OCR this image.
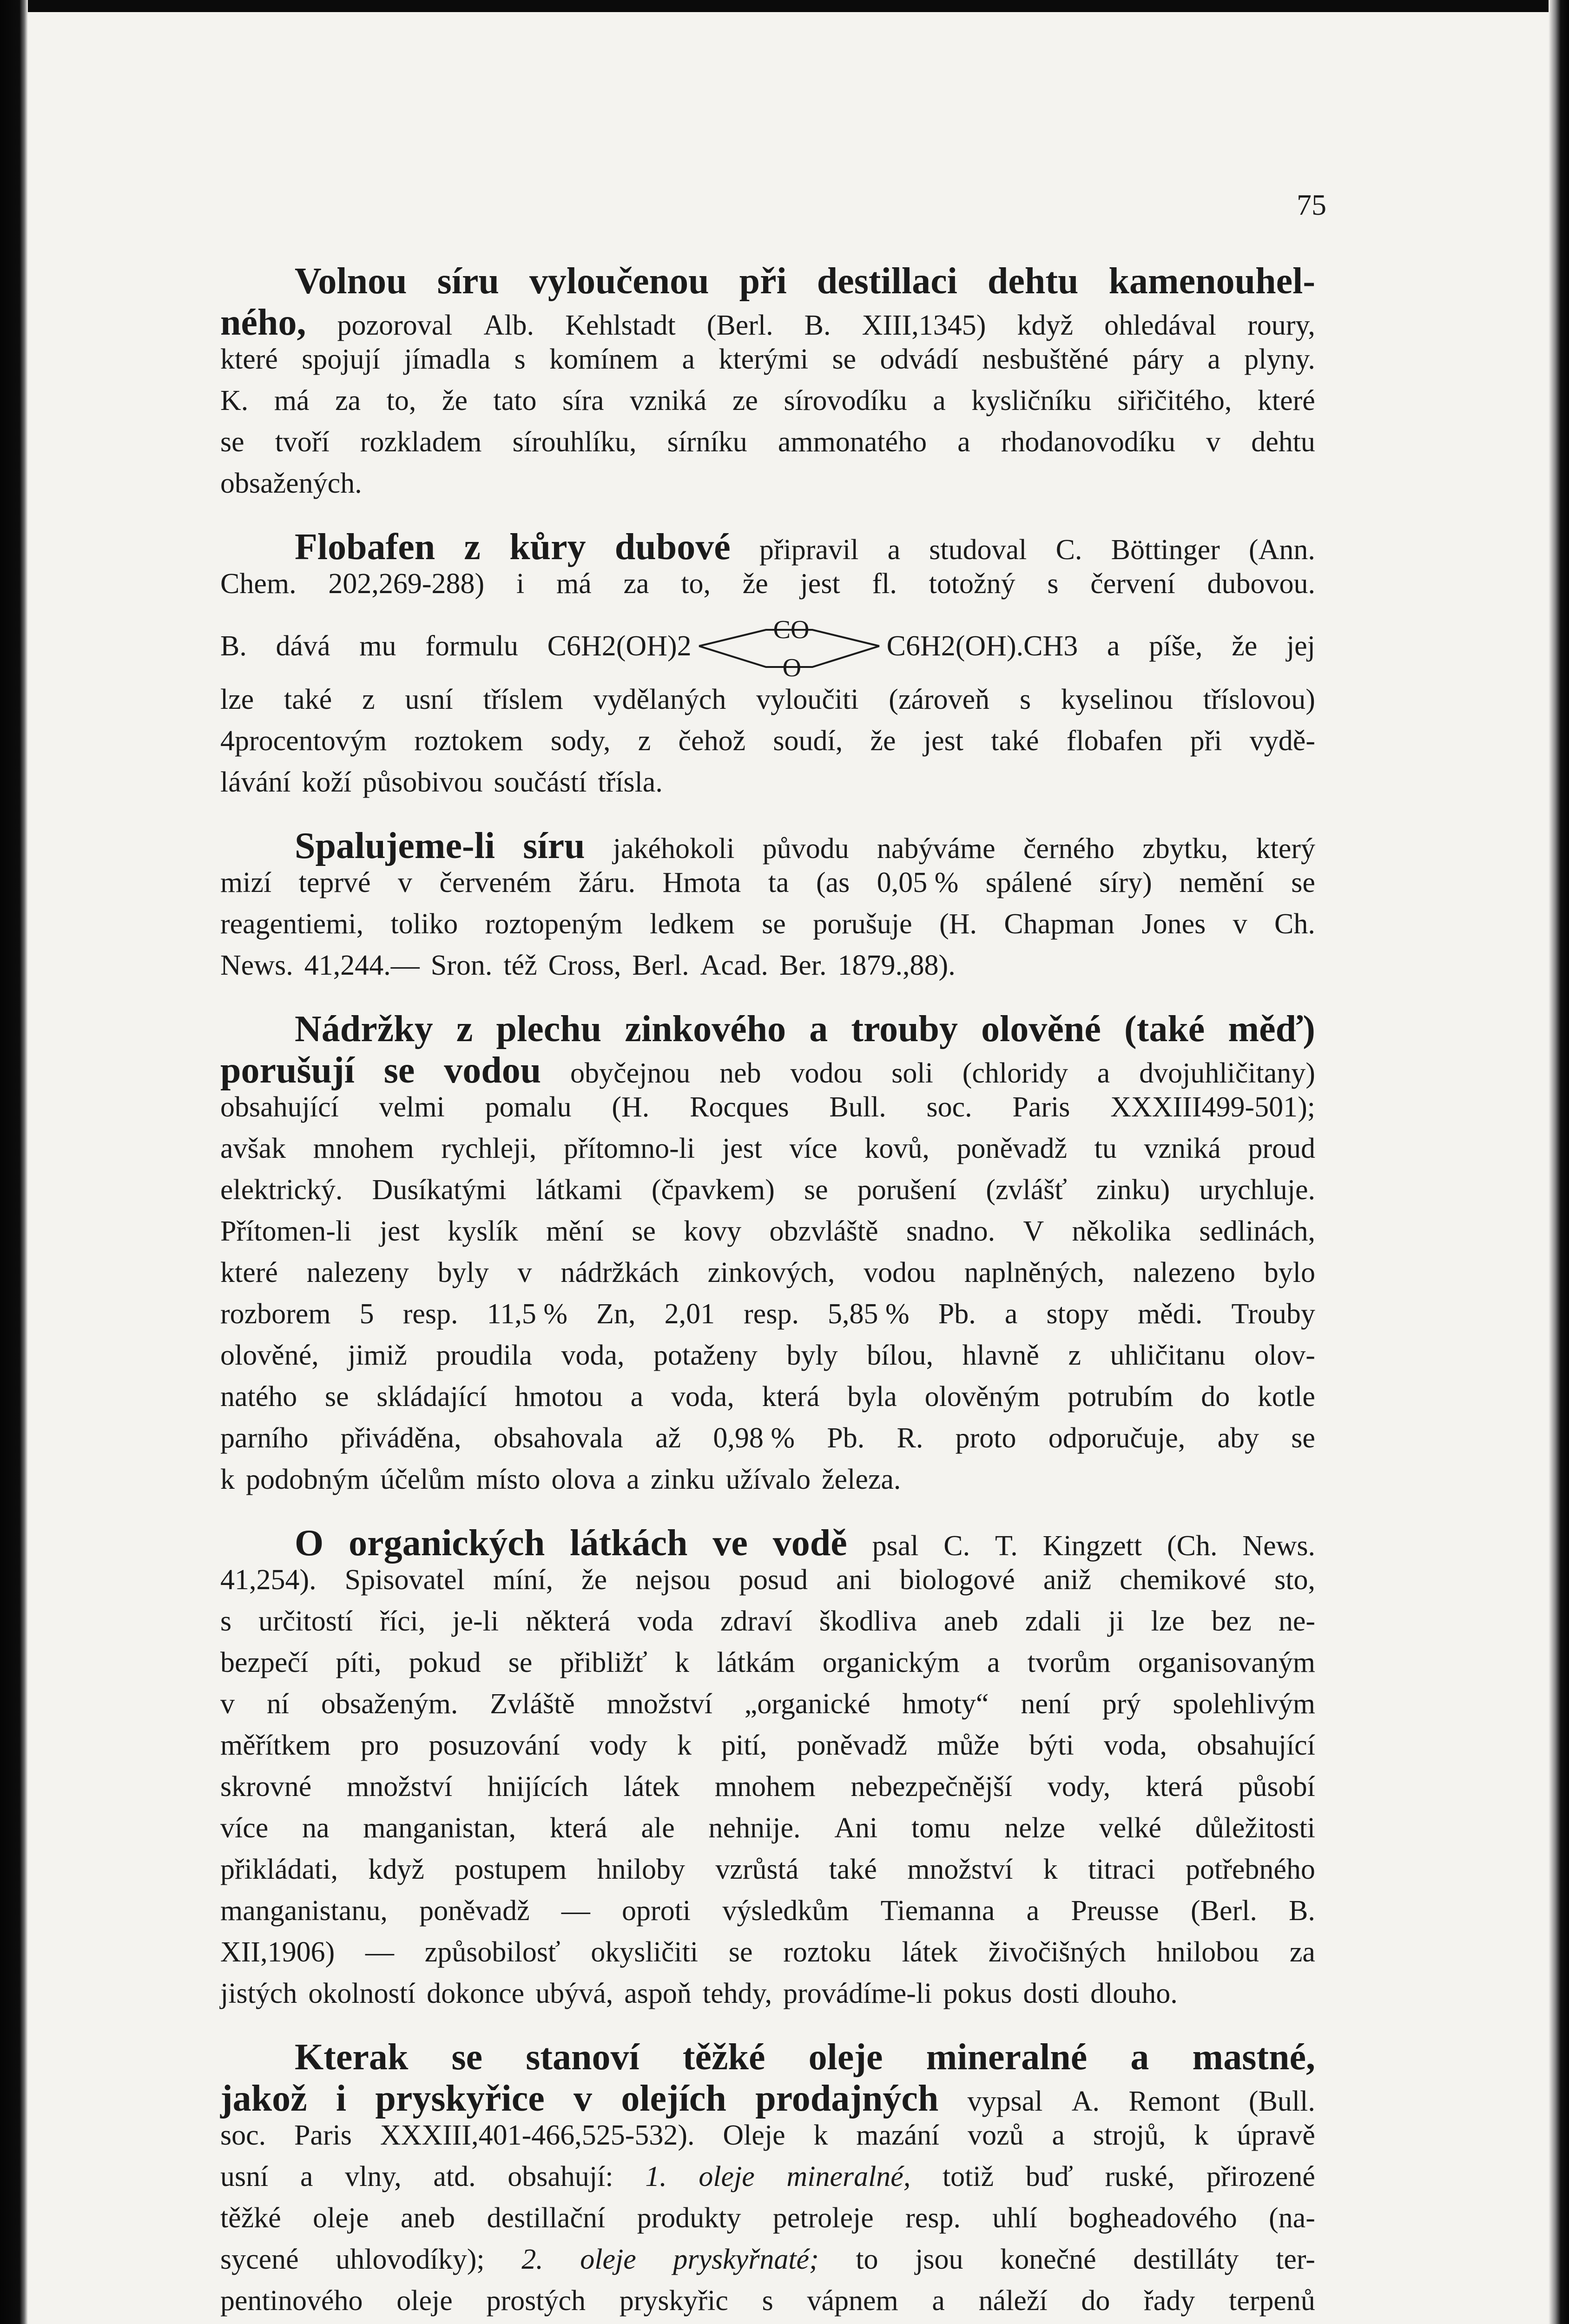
75
Volnou síru vyloučenou při destillaci dehtu kamenouhel-
ného, pozoroval Alb. Kehlstadt (Berl. B. XIII,1345) když ohledával roury,
které spojují jímadla s komínem a kterými se odvádí nesbuštěné páry a plyny.
K. má za to, že tato síra vzniká ze sírovodíku a kysličníku siřičitého, které
se tvoří rozkladem sírouhlíku, sírníku ammonatého a rhodanovodíku v dehtu
obsažených.
Flobafen z kůry dubové připravil a studoval C. Böttinger (Ann.
Chem. 202,269-288) i má za to, že jest fl. totožný s červení dubovou.
B. dává mu formulu C6H2(OH)2
CO
O
C6H2(OH).CH3 a píše, že jej
lze také z usní tříslem vydělaných vyloučiti (zároveň s kyselinou tříslovou)
4procentovým roztokem sody, z čehož soudí, že jest také flobafen při vydě-
lávání koží působivou součástí třísla.
Spalujeme-li síru jakéhokoli původu nabýváme černého zbytku, který
mizí teprvé v červeném žáru. Hmota ta (as 0,05 % spálené síry) nemění se
reagentiemi, toliko roztopeným ledkem se porušuje (H. Chapman Jones v Ch.
News. 41,244.— Sron. též Cross, Berl. Acad. Ber. 1879.,88).
Nádržky z plechu zinkového a trouby olověné (také měď)
porušují se vodou obyčejnou neb vodou soli (chloridy a dvojuhličitany)
obsahující velmi pomalu (H. Rocques Bull. soc. Paris XXXIII499-501);
avšak mnohem rychleji, přítomno-li jest více kovů, poněvadž tu vzniká proud
elektrický. Dusíkatými látkami (čpavkem) se porušení (zvlášť zinku) urychluje.
Přítomen-li jest kyslík mění se kovy obzvláště snadno. V několika sedlinách,
které nalezeny byly v nádržkách zinkových, vodou naplněných, nalezeno bylo
rozborem 5 resp. 11,5 % Zn, 2,01 resp. 5,85 % Pb. a stopy mědi. Trouby
olověné, jimiž proudila voda, potaženy byly bílou, hlavně z uhličitanu olov-
natého se skládající hmotou a voda, která byla olověným potrubím do kotle
parního přiváděna, obsahovala až 0,98 % Pb. R. proto odporučuje, aby se
k podobným účelům místo olova a zinku užívalo železa.
O organických látkách ve vodě psal C. T. Kingzett (Ch. News.
41,254). Spisovatel míní, že nejsou posud ani biologové aniž chemikové sto,
s určitostí říci, je-li některá voda zdraví škodliva aneb zdali ji lze bez ne-
bezpečí píti, pokud se přibližť k látkám organickým a tvorům organisovaným
v ní obsaženým. Zvláště množství „organické hmoty“ není prý spolehlivým
měřítkem pro posuzování vody k pití, poněvadž může býti voda, obsahující
skrovné množství hnijících látek mnohem nebezpečnější vody, která působí
více na manganistan, která ale nehnije. Ani tomu nelze velké důležitosti
přikládati, když postupem hniloby vzrůstá také množství k titraci potřebného
manganistanu, poněvadž — oproti výsledkům Tiemanna a Preusse (Berl. B.
XII,1906) — způsobilosť okysličiti se roztoku látek živočišných hnilobou za
jistých okolností dokonce ubývá, aspoň tehdy, provádíme-li pokus dosti dlouho.
Kterak se stanoví těžké oleje mineralné a mastné,
jakož i pryskyřice v olejích prodajných vypsal A. Remont (Bull.
soc. Paris XXXIII,401-466,525-532). Oleje k mazání vozů a strojů, k úpravě
usní a vlny, atd. obsahují: 1. oleje mineralné, totiž buď ruské, přirozené
těžké oleje aneb destillační produkty petroleje resp. uhlí bogheadového (na-
sycené uhlovodíky); 2. oleje pryskyřnaté; to jsou konečné destilláty ter-
pentinového oleje prostých pryskyřic s vápnem a náleží do řady terpenů
